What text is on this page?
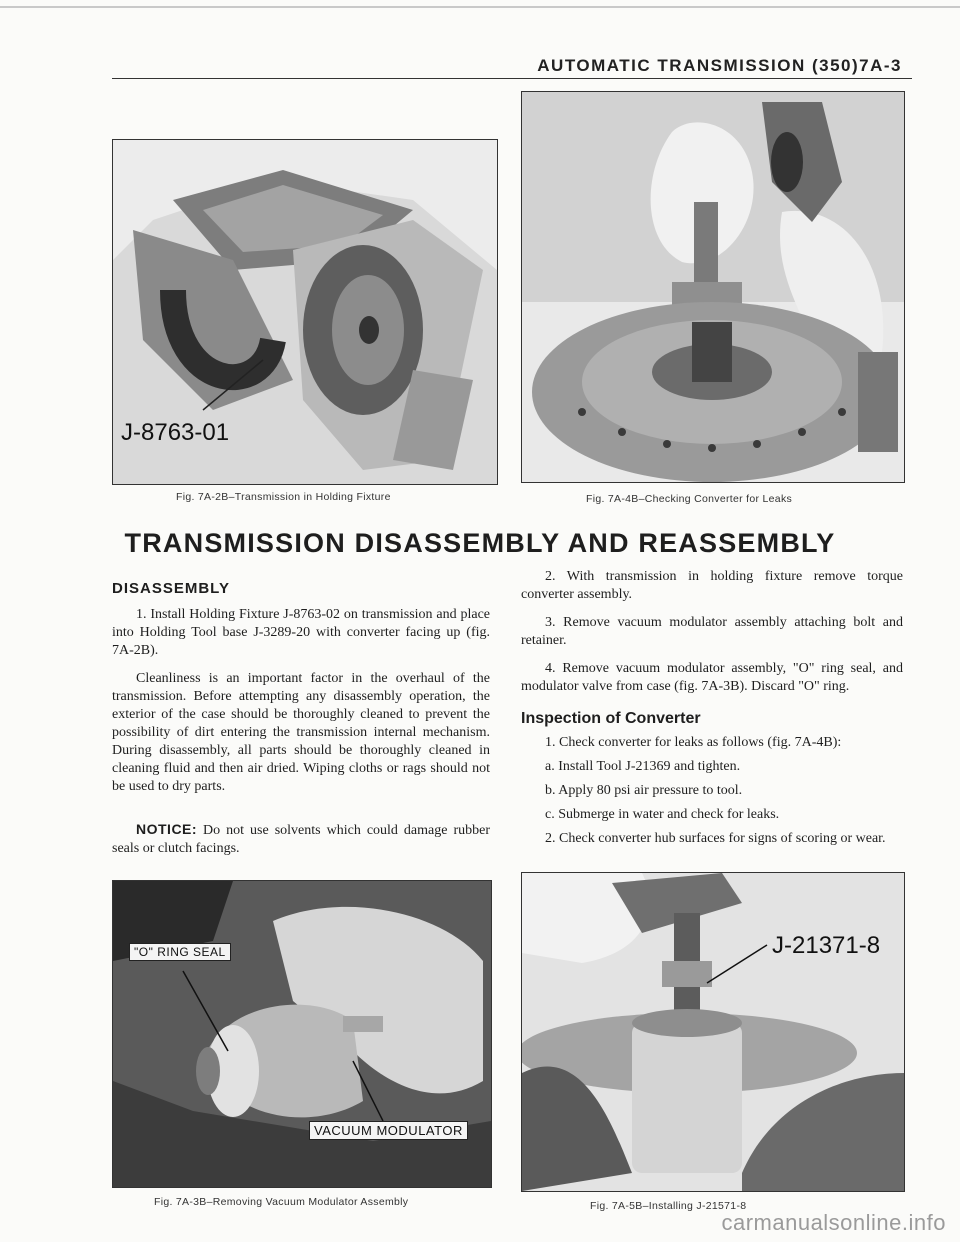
AUTOMATIC TRANSMISSION (350)7A-3
J-8763-01
Fig. 7A-2B–Transmission in Holding Fixture	Fig. 7A-4B–Checking Converter for Leaks
TRANSMISSION DISASSEMBLY AND REASSEMBLY
DISASSEMBLY

1. Install Holding Fixture J-8763-02 on transmission and place into Holding Tool base J-3289-20 with converter facing up (fig. 7A-2B).

Cleanliness is an important factor in the overhaul of the transmission. Before attempting any disassembly operation, the exterior of the case should be thoroughly cleaned to prevent the possibility of dirt entering the transmission internal mechanism. During disassembly, all parts should be thoroughly cleaned in cleaning fluid and then air dried. Wiping cloths or rags should not be used to dry parts.

NOTICE: Do not use solvents which could damage rubber seals or clutch facings.

2. With transmission in holding fixture remove torque converter assembly.

3. Remove vacuum modulator assembly attaching bolt and retainer.

4. Remove vacuum modulator assembly, "O" ring seal, and modulator valve from case (fig. 7A-3B). Discard "O" ring.

Inspection of Converter

1. Check converter for leaks as follows (fig. 7A-4B):

a. Install Tool J-21369 and tighten.

b. Apply 80 psi air pressure to tool.

c. Submerge in water and check for leaks.

2. Check converter hub surfaces for signs of scoring or wear.

"O" RING SEAL
VACUUM MODULATOR
Fig. 7A-3B–Removing Vacuum Modulator Assembly
J-21371-8
Fig. 7A-5B–Installing J-21571-8
carmanualsonline.info
